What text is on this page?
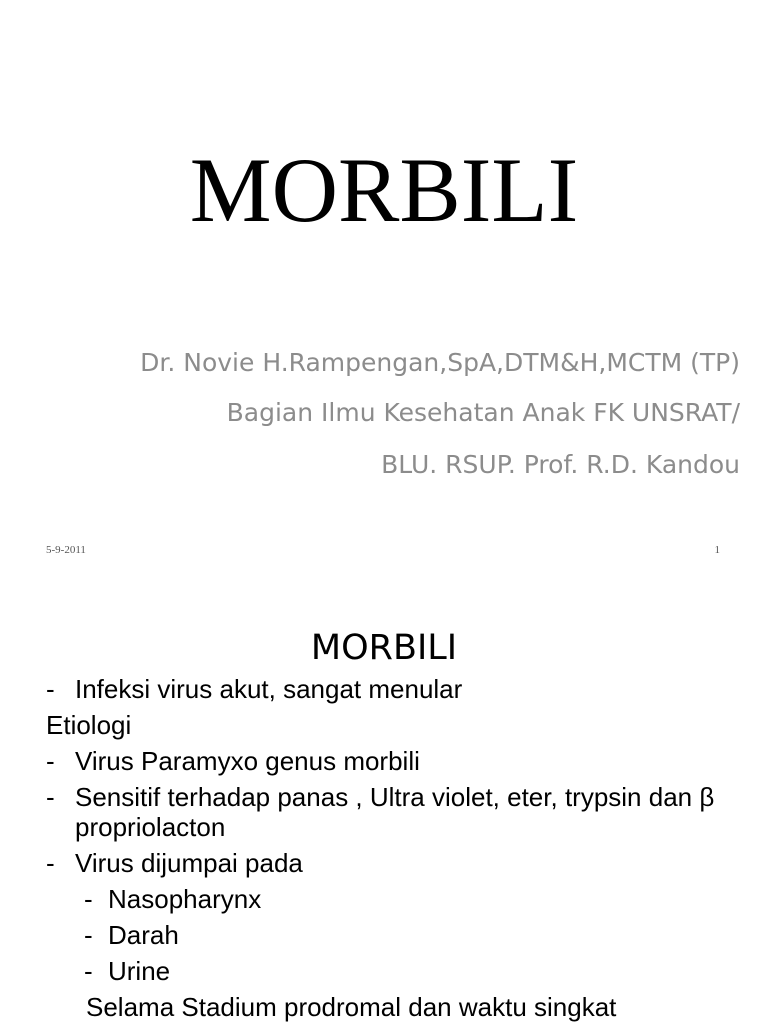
MORBILI
Dr. Novie H.Rampengan,SpA,DTM&H,MCTM (TP)
Bagian Ilmu Kesehatan Anak FK UNSRAT/
BLU. RSUP. Prof. R.D. Kandou
5-9-2011	1
MORBILI
- Infeksi virus akut, sangat menular
Etiologi
- Virus Paramyxo genus morbili
- Sensitif terhadap panas , Ultra violet, eter, trypsin dan β propriolacton
- Virus dijumpai pada
- Nasopharynx
- Darah
- Urine
Selama Stadium prodromal dan waktu singkat
